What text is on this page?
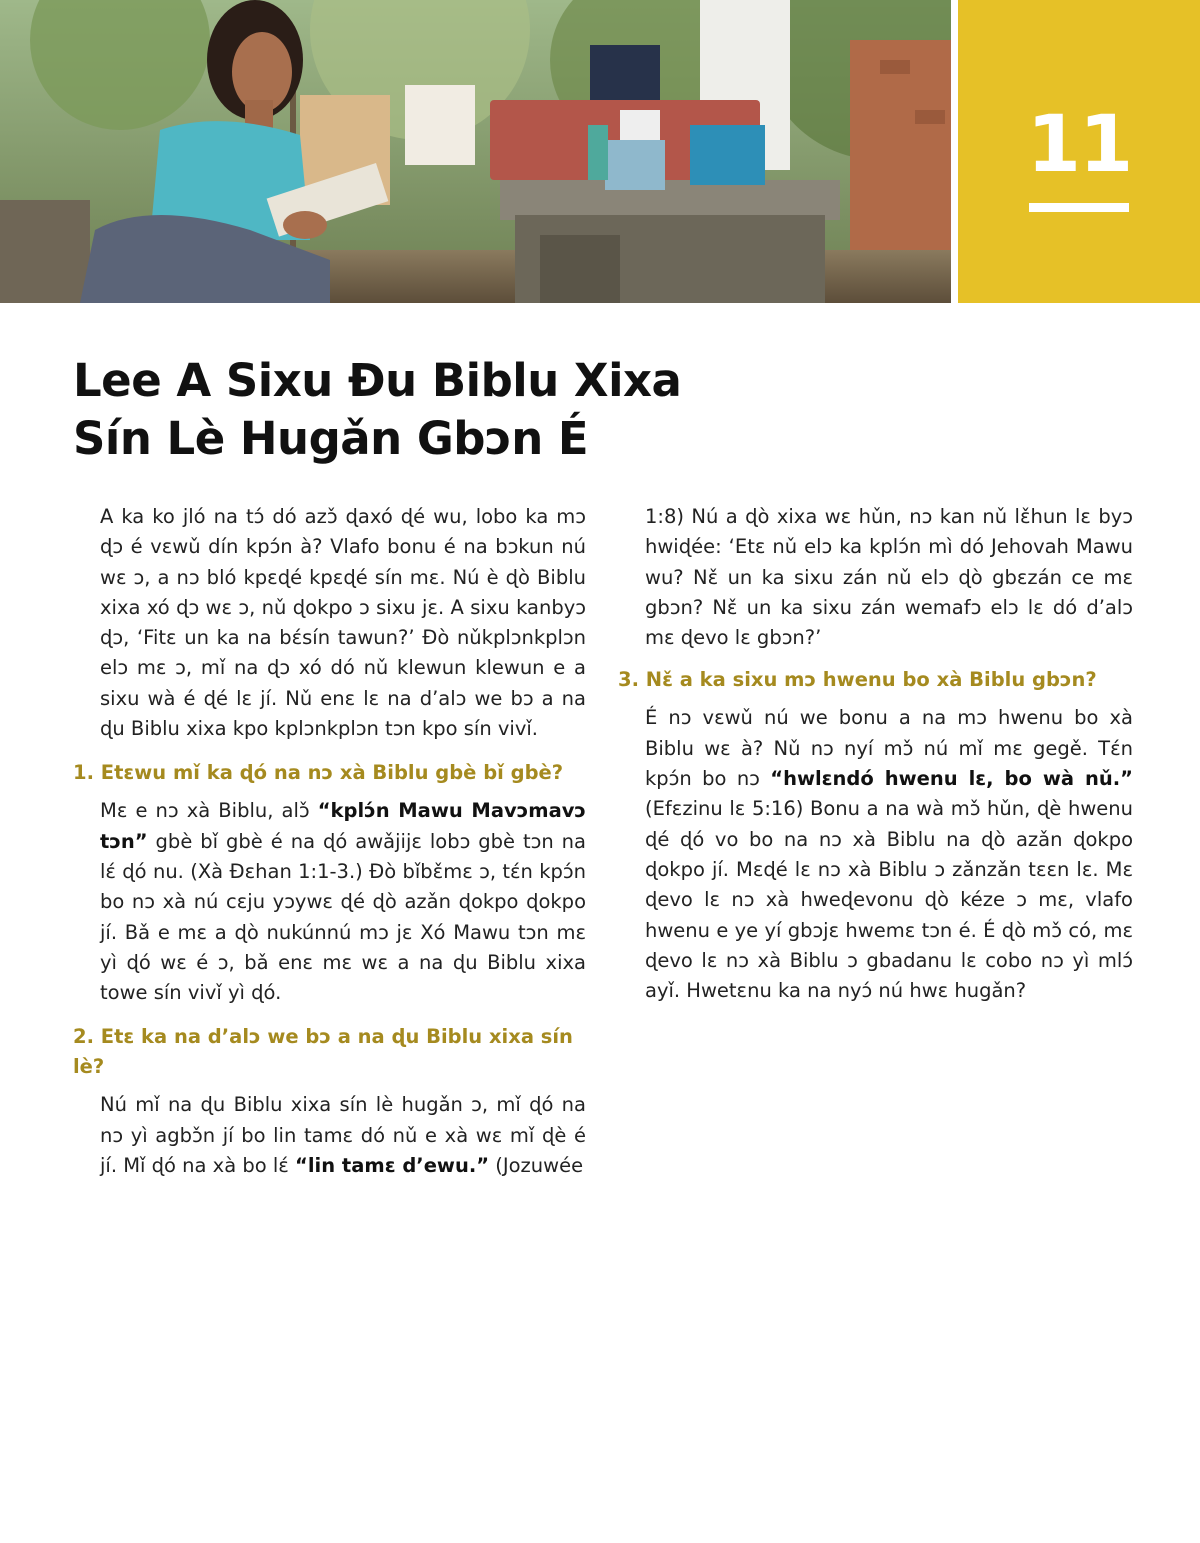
11
Lee A Sixu Ðu Biblu Xixa
Sín Lè Hugǎn Gbɔn É

A ka ko jló na tɔ́ dó azɔ̌ ɖaxó ɖé wu, lobo ka mɔ ɖɔ é vɛwǔ dín kpɔ́n à? Vlafo bonu é na bɔkun nú wɛ ɔ, a nɔ bló kpɛɖé kpɛɖé sín mɛ. Nú è ɖò Biblu xixa xó ɖɔ wɛ ɔ, nǔ ɖokpo ɔ sixu jɛ. A sixu kanbyɔ ɖɔ, ‘Fitɛ un ka na bɛ́sín tawun?’ Ðò nǔkplɔnkplɔn elɔ mɛ ɔ, mǐ na ɖɔ xó dó nǔ klewun klewun e a sixu wà é ɖé lɛ jí. Nǔ enɛ lɛ na d’alɔ we bɔ a na ɖu Biblu xixa kpo kplɔnkplɔn tɔn kpo sín vivǐ.

1. Etɛwu mǐ ka ɖó na nɔ xà Biblu gbè bǐ gbè?

Mɛ e nɔ xà Biblu, alɔ̌ “kplɔ́n Mawu Mavɔmavɔ tɔn” gbè bǐ gbè é na ɖó awǎjijɛ lobɔ gbè tɔn na lɛ́ ɖó nu. (Xà Ðɛhan 1:1-3.) Ðò bǐbɛ̌mɛ ɔ, tɛ́n kpɔ́n bo nɔ xà nú cɛju yɔywɛ ɖé ɖò azǎn ɖokpo ɖokpo jí. Bǎ e mɛ a ɖò nukúnnú mɔ jɛ Xó Mawu tɔn mɛ yì ɖó wɛ é ɔ, bǎ enɛ mɛ wɛ a na ɖu Biblu xixa towe sín vivǐ yì ɖó.

2. Etɛ ka na d’alɔ we bɔ a na ɖu Biblu xixa sín lè?

Nú mǐ na ɖu Biblu xixa sín lè hugǎn ɔ, mǐ ɖó na nɔ yì agbɔ̌n jí bo lin tamɛ dó nǔ e xà wɛ mǐ ɖè é jí. Mǐ ɖó na xà bo lɛ́ “lin tamɛ d’ewu.” (Jozuwée

1:8) Nú a ɖò xixa wɛ hǔn, nɔ kan nǔ lɛ̌hun lɛ byɔ hwiɖée: ‘Etɛ nǔ elɔ ka kplɔ́n mì dó Jehovah Mawu wu? Nɛ̌ un ka sixu zán nǔ elɔ ɖò gbɛzán ce mɛ gbɔn? Nɛ̌ un ka sixu zán wemafɔ elɔ lɛ dó d’alɔ mɛ ɖevo lɛ gbɔn?’

3. Nɛ̌ a ka sixu mɔ hwenu bo xà Biblu gbɔn?

É nɔ vɛwǔ nú we bonu a na mɔ hwenu bo xà Biblu wɛ à? Nǔ nɔ nyí mɔ̌ nú mǐ mɛ gegě. Tɛ́n kpɔ́n bo nɔ “hwlɛndó hwenu lɛ, bo wà nǔ.” (Efɛzinu lɛ 5:16) Bonu a na wà mɔ̌ hǔn, ɖè hwenu ɖé ɖó vo bo na nɔ xà Biblu na ɖò azǎn ɖokpo ɖokpo jí. Mɛɖé lɛ nɔ xà Biblu ɔ zǎnzǎn tɛɛn lɛ. Mɛ ɖevo lɛ nɔ xà hweɖevonu ɖò kéze ɔ mɛ, vlafo hwenu e ye yí gbɔjɛ hwemɛ tɔn é. É ɖò mɔ̌ có, mɛ ɖevo lɛ nɔ xà Biblu ɔ gbadanu lɛ cobo nɔ yì mlɔ́ ayǐ. Hwetɛnu ka na nyɔ́ nú hwɛ hugǎn?
